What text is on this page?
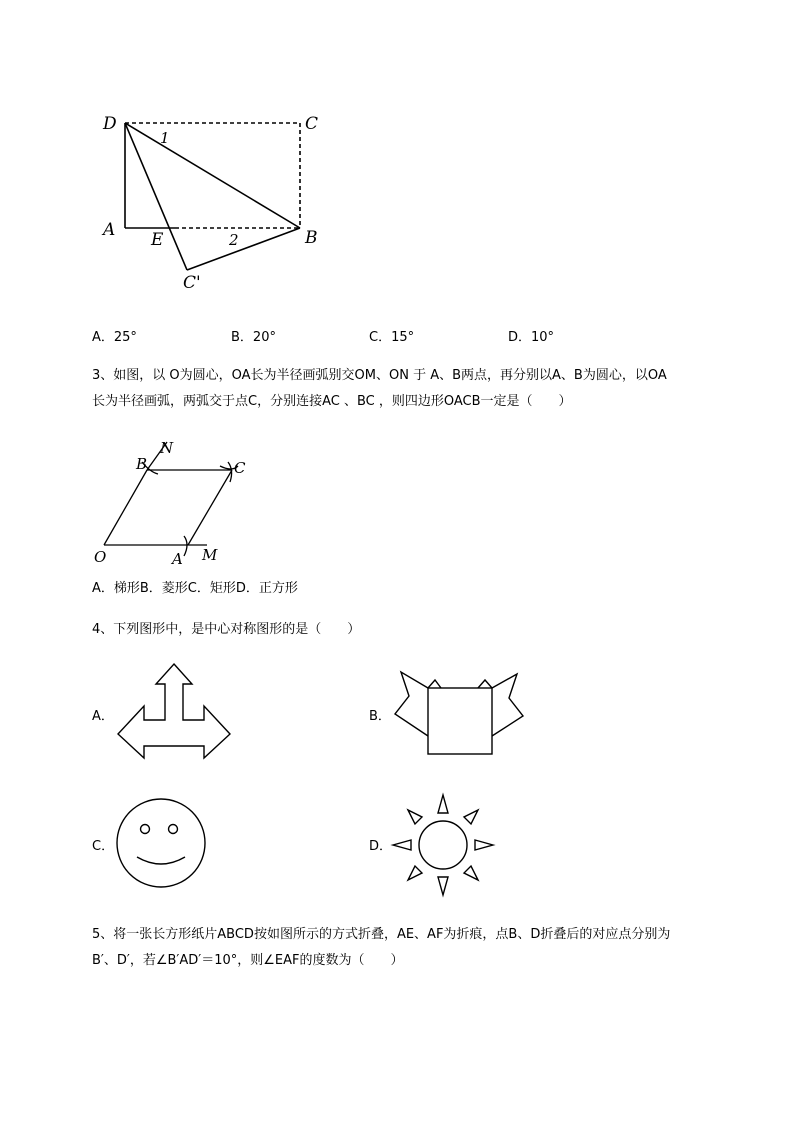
D	C
A E	B
C'
1
2
A．25°	B．20°	C．15°	D．10°
3、如图，以 O为圆心，OA长为半径画弧别交OM、ON 于 A、B两点，再分别以A、B为圆心，以OA
长为半径画弧，两弧交于点C，分别连接AC 、BC ，则四边形OACB一定是（　　）
N
B	C
O	A M
A．梯形B．菱形C．矩形D．正方形
4、下列图形中，是中心对称图形的是（　　）
A．	B．
C．	D．
5、将一张长方形纸片ABCD按如图所示的方式折叠，AE、AF为折痕，点B、D折叠后的对应点分别为
B′、D′，若∠B′AD′＝10°，则∠EAF的度数为（　　）
